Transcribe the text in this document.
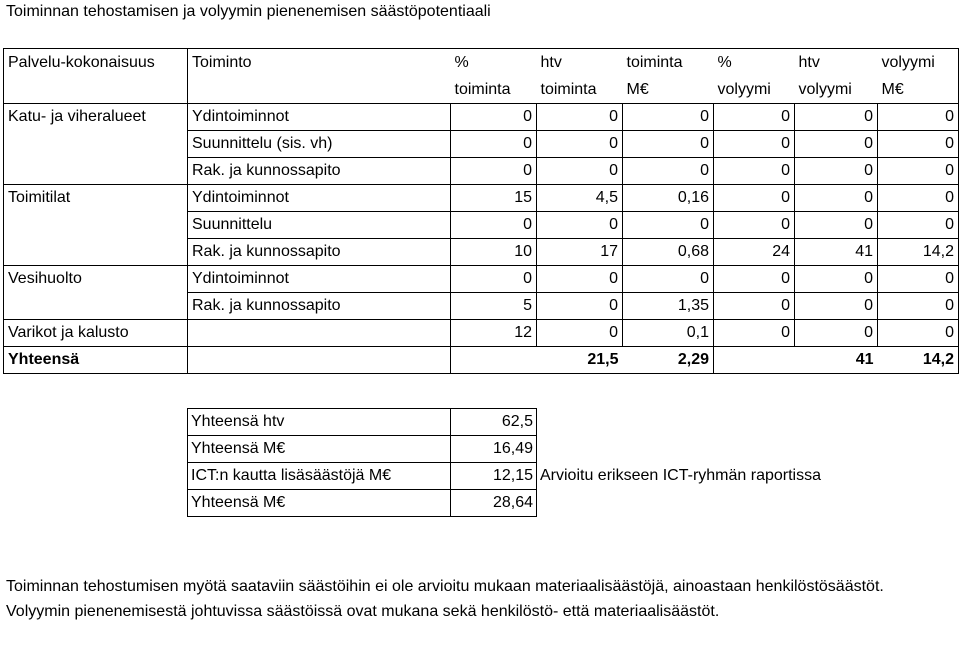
Toiminnan tehostamisen ja volyymin pienenemisen säästöpotentiaali
Palvelu-kokonaisuus	Toiminto	%	htv	toiminta	%	htv	volyymi
		toiminta	toiminta	M€	volyymi	volyymi	M€
Katu- ja viheralueet	Ydintoiminnot	0	0	0	0	0	0
	Suunnittelu (sis. vh)	0	0	0	0	0	0
	Rak. ja kunnossapito	0	0	0	0	0	0
Toimitilat	Ydintoiminnot	15	4,5	0,16	0	0	0
	Suunnittelu	0	0	0	0	0	0
	Rak. ja kunnossapito	10	17	0,68	24	41	14,2
Vesihuolto	Ydintoiminnot	0	0	0	0	0	0
	Rak. ja kunnossapito	5	0	1,35	0	0	0
Varikot ja kalusto		12	0	0,1	0	0	0
Yhteensä			21,5	2,29		41	14,2
Yhteensä htv	62,5	
Yhteensä M€	16,49	
ICT:n kautta lisäsäästöjä M€	12,15	Arvioitu erikseen ICT-ryhmän raportissa
Yhteensä M€	28,64	
Toiminnan tehostumisen myötä saataviin säästöihin ei ole arvioitu mukaan materiaalisäästöjä, ainoastaan henkilöstösäästöt. Volyymin pienenemisestä johtuvissa säästöissä ovat mukana sekä henkilöstö- että materiaalisäästöt.
